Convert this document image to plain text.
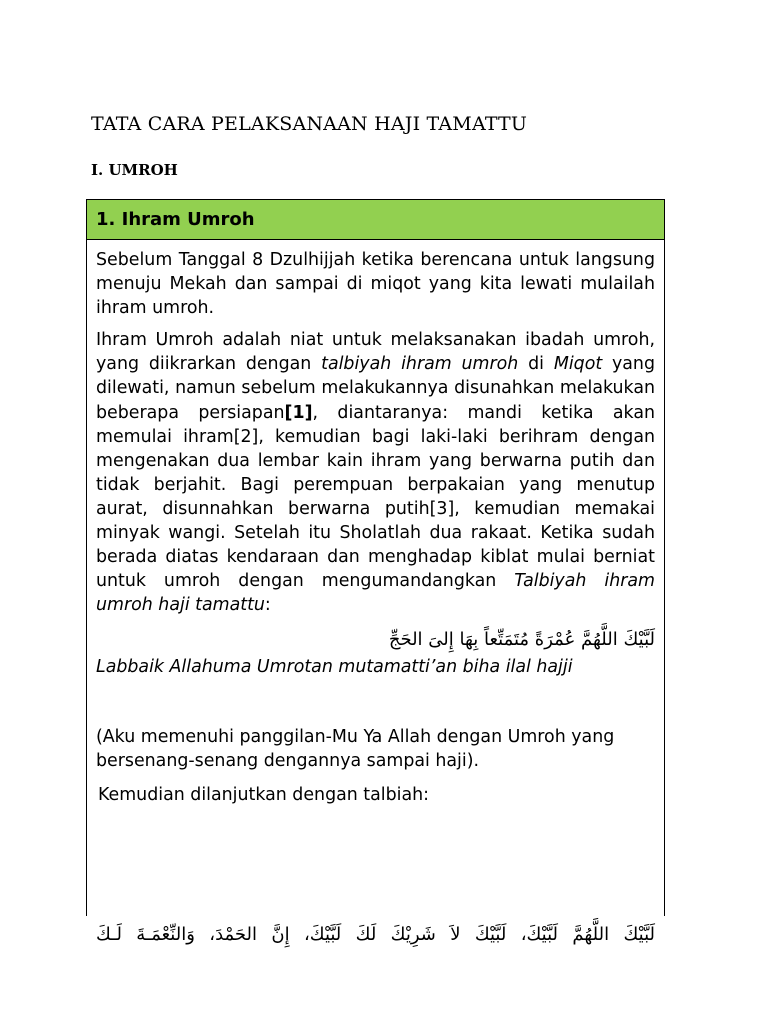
TATA CARA PELAKSANAAN HAJI TAMATTU
I. UMROH
1. Ihram Umroh

Sebelum Tanggal 8 Dzulhijjah ketika berencana untuk langsung menuju Mekah dan sampai di miqot yang kita lewati mulailah ihram umroh.

Ihram Umroh adalah niat untuk melaksanakan ibadah umroh, yang diikrarkan dengan talbiyah ihram umroh di Miqot yang dilewati, namun sebelum melakukannya disunahkan melakukan beberapa persiapan[1], diantaranya: mandi ketika akan memulai ihram[2], kemudian bagi laki-laki berihram dengan mengenakan dua lembar kain ihram yang berwarna putih dan tidak berjahit. Bagi perempuan berpakaian yang menutup aurat, disunnahkan berwarna putih[3], kemudian memakai minyak wangi. Setelah itu Sholatlah dua rakaat. Ketika sudah berada diatas kendaraan dan menghadap kiblat mulai berniat untuk umroh dengan mengumandangkan Talbiyah ihram umroh haji tamattu:

لَبَّيْكَ اللَّهُمَّ عُمْرَةً مُتَمَتِّعاً بِهَا إِلىَ الحَجِّ
Labbaik Allahuma Umrotan mutamatti’an biha ilal hajji
(Aku memenuhi panggilan-Mu Ya Allah dengan Umroh yang bersenang-senang dengannya sampai haji).
Kemudian dilanjutkan dengan talbiah:
لَبَّيْكَ اللَّهُمَّ لَبَّيْكَ، لَبَّيْكَ لاَ شَرِيْكَ لَكَ لَبَّيْكَ، إِنَّ الحَمْدَ، وَالنِّعْمَـةَ لَـكَ
